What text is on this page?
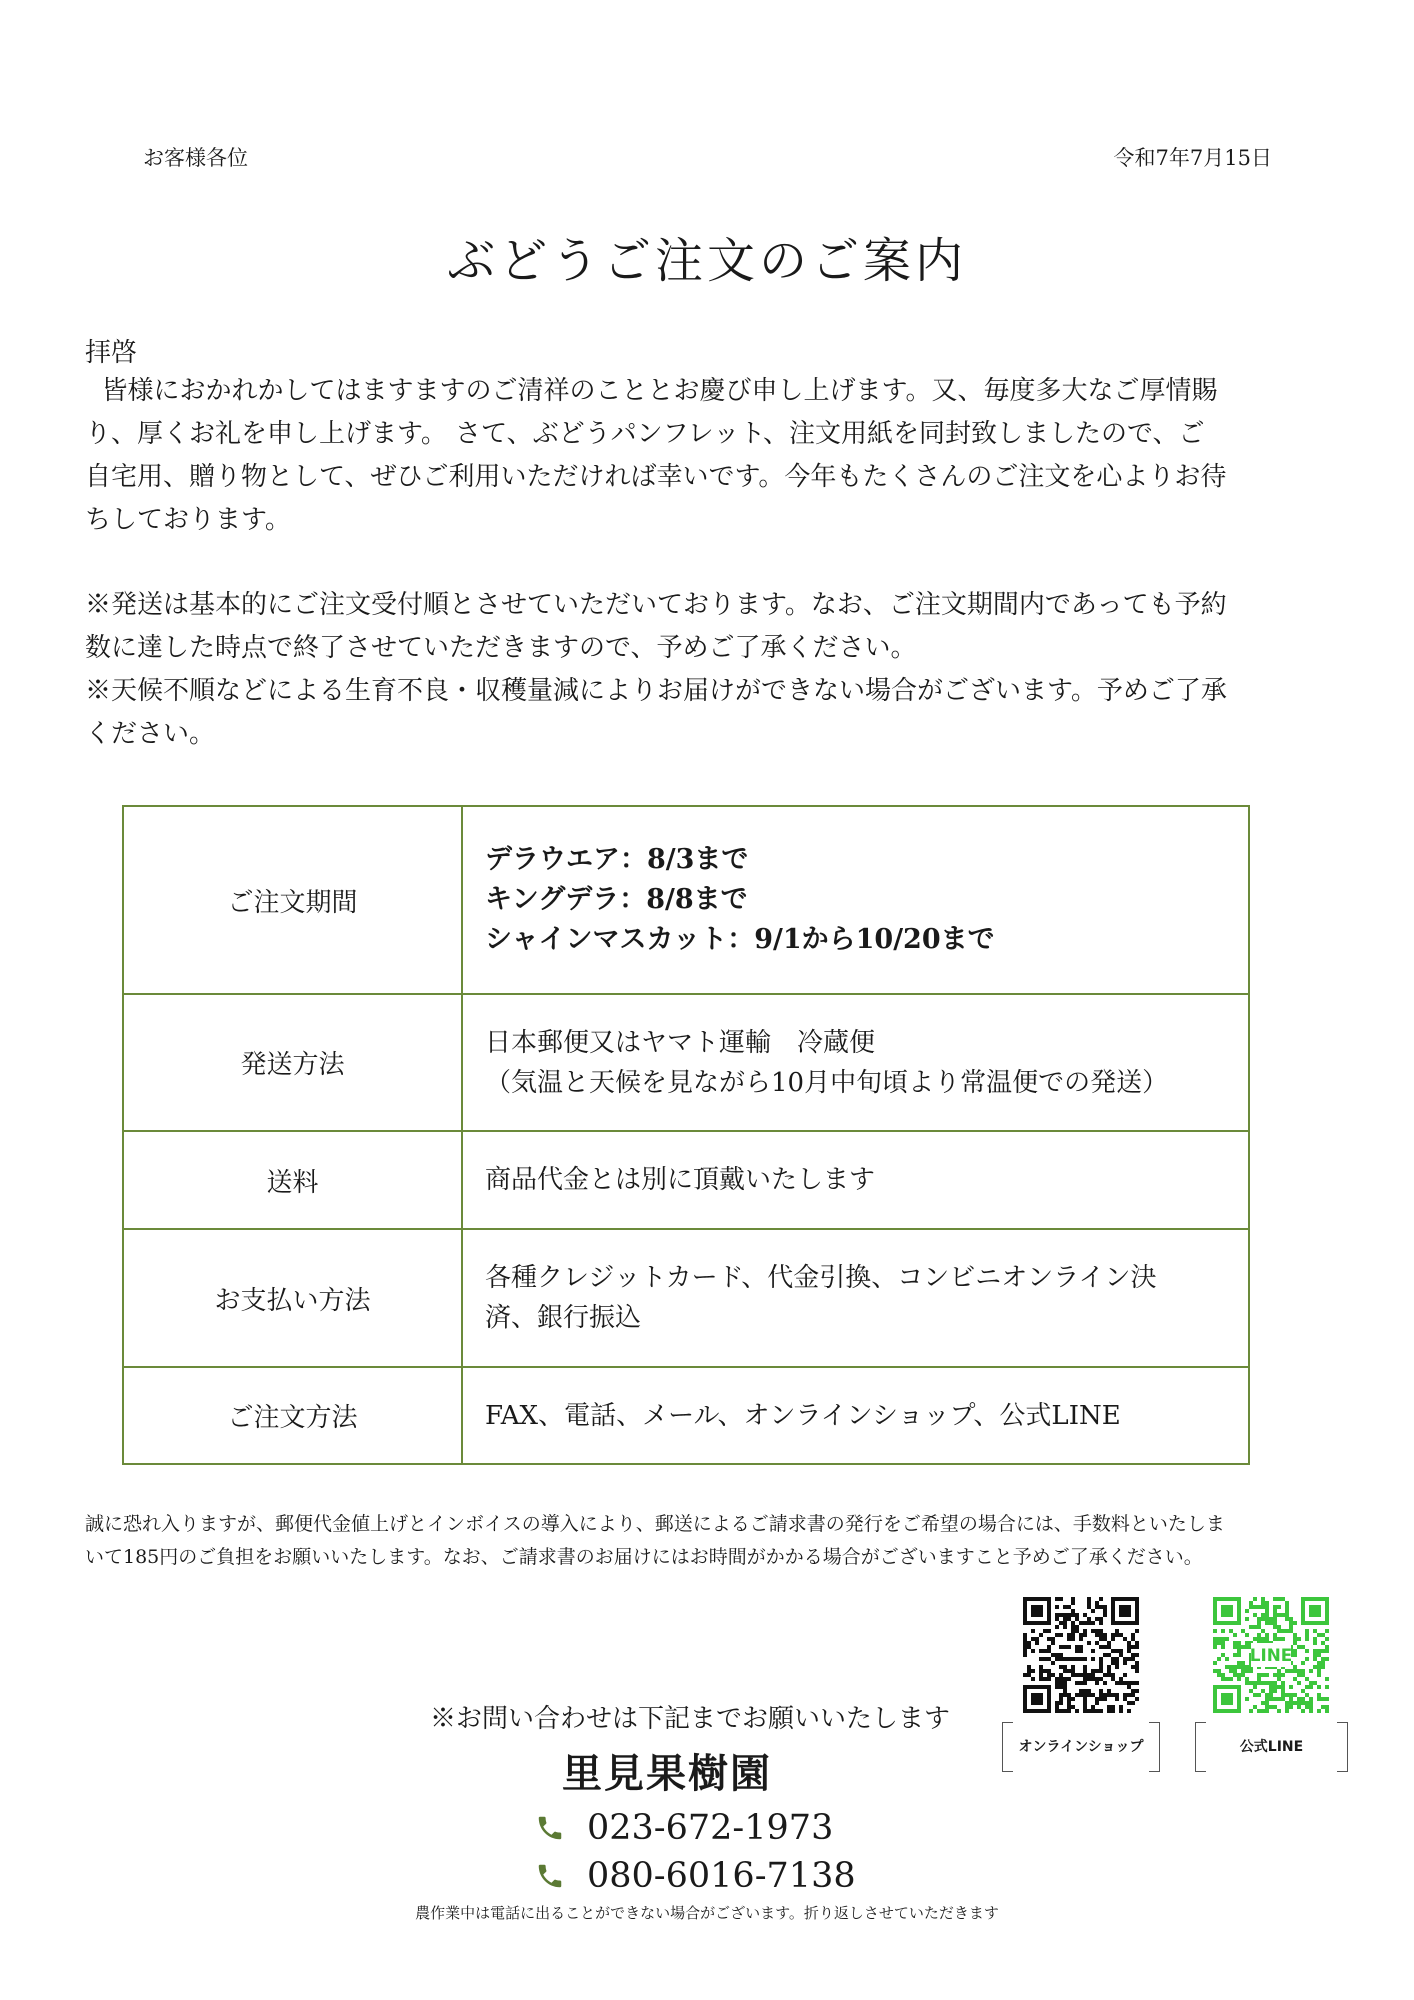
お客様各位	令和7年7月15日
ぶどうご注文のご案内
拝啓

皆様におかれかしてはますますのご清祥のこととお慶び申し上げます。又、毎度多大なご厚情賜

り、厚くお礼を申し上げます。 さて、ぶどうパンフレット、注文用紙を同封致しましたので、ご

自宅用、贈り物として、ぜひご利用いただければ幸いです。今年もたくさんのご注文を心よりお待

ちしております。

※発送は基本的にご注文受付順とさせていただいております。なお、ご注文期間内であっても予約

数に達した時点で終了させていただきますので、予めご了承ください。

※天候不順などによる生育不良・収穫量減によりお届けができない場合がございます。予めご了承

ください。

ご注文期間	デラウエア：8/3まで
キングデラ：8/8まで
シャインマスカット：9/1から10/20まで

発送方法	日本郵便又はヤマト運輸　冷蔵便
（気温と天候を見ながら10月中旬頃より常温便での発送）

送料	商品代金とは別に頂戴いたします
お支払い方法	各種クレジットカード、代金引換、コンビニオンライン決
済、銀行振込

ご注文方法	FAX、電話、メール、オンラインショップ、公式LINE
誠に恐れ入りますが、郵便代金値上げとインボイスの導入により、郵送によるご請求書の発行をご希望の場合には、手数料といたしま
いて185円のご負担をお願いいたします。なお、ご請求書のお届けにはお時間がかかる場合がございますこと予めご了承ください。
オンラインショップ
LINE
公式LINE
※お問い合わせは下記までお願いいたします
里見果樹園
023-672-1973
080-6016-7138
農作業中は電話に出ることができない場合がございます。折り返しさせていただきます
